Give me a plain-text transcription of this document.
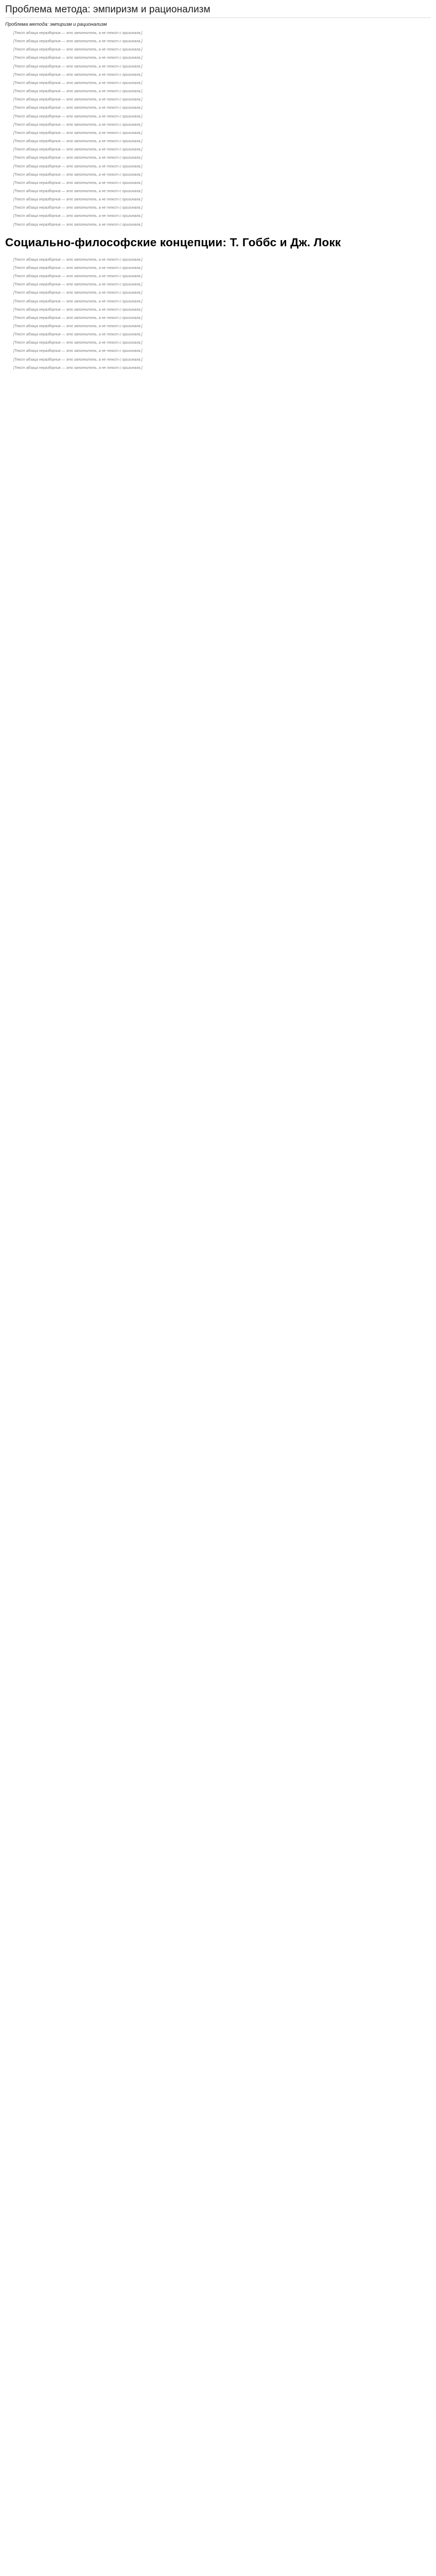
Проблема метода: эмпиризм и рационализм
Проблема метода: эмпиризм и рационализм

[Текст абзаца неразборчив — это заполнитель, а не текст с оригинала.]

[Текст абзаца неразборчив — это заполнитель, а не текст с оригинала.]

[Текст абзаца неразборчив — это заполнитель, а не текст с оригинала.]

[Текст абзаца неразборчив — это заполнитель, а не текст с оригинала.]

[Текст абзаца неразборчив — это заполнитель, а не текст с оригинала.]

[Текст абзаца неразборчив — это заполнитель, а не текст с оригинала.]

[Текст абзаца неразборчив — это заполнитель, а не текст с оригинала.]

[Текст абзаца неразборчив — это заполнитель, а не текст с оригинала.]

[Текст абзаца неразборчив — это заполнитель, а не текст с оригинала.]

[Текст абзаца неразборчив — это заполнитель, а не текст с оригинала.]

[Текст абзаца неразборчив — это заполнитель, а не текст с оригинала.]

[Текст абзаца неразборчив — это заполнитель, а не текст с оригинала.]

[Текст абзаца неразборчив — это заполнитель, а не текст с оригинала.]

[Текст абзаца неразборчив — это заполнитель, а не текст с оригинала.]

[Текст абзаца неразборчив — это заполнитель, а не текст с оригинала.]

[Текст абзаца неразборчив — это заполнитель, а не текст с оригинала.]

[Текст абзаца неразборчив — это заполнитель, а не текст с оригинала.]

[Текст абзаца неразборчив — это заполнитель, а не текст с оригинала.]

[Текст абзаца неразборчив — это заполнитель, а не текст с оригинала.]

[Текст абзаца неразборчив — это заполнитель, а не текст с оригинала.]

[Текст абзаца неразборчив — это заполнитель, а не текст с оригинала.]

[Текст абзаца неразборчив — это заполнитель, а не текст с оригинала.]

[Текст абзаца неразборчив — это заполнитель, а не текст с оригинала.]

[Текст абзаца неразборчив — это заполнитель, а не текст с оригинала.]

Социально-философские концепции: Т. Гоббс и Дж. Локк

[Текст абзаца неразборчив — это заполнитель, а не текст с оригинала.]

[Текст абзаца неразборчив — это заполнитель, а не текст с оригинала.]

[Текст абзаца неразборчив — это заполнитель, а не текст с оригинала.]

[Текст абзаца неразборчив — это заполнитель, а не текст с оригинала.]

[Текст абзаца неразборчив — это заполнитель, а не текст с оригинала.]

[Текст абзаца неразборчив — это заполнитель, а не текст с оригинала.]

[Текст абзаца неразборчив — это заполнитель, а не текст с оригинала.]

[Текст абзаца неразборчив — это заполнитель, а не текст с оригинала.]

[Текст абзаца неразборчив — это заполнитель, а не текст с оригинала.]

[Текст абзаца неразборчив — это заполнитель, а не текст с оригинала.]

[Текст абзаца неразборчив — это заполнитель, а не текст с оригинала.]

[Текст абзаца неразборчив — это заполнитель, а не текст с оригинала.]

[Текст абзаца неразборчив — это заполнитель, а не текст с оригинала.]

[Текст абзаца неразборчив — это заполнитель, а не текст с оригинала.]
